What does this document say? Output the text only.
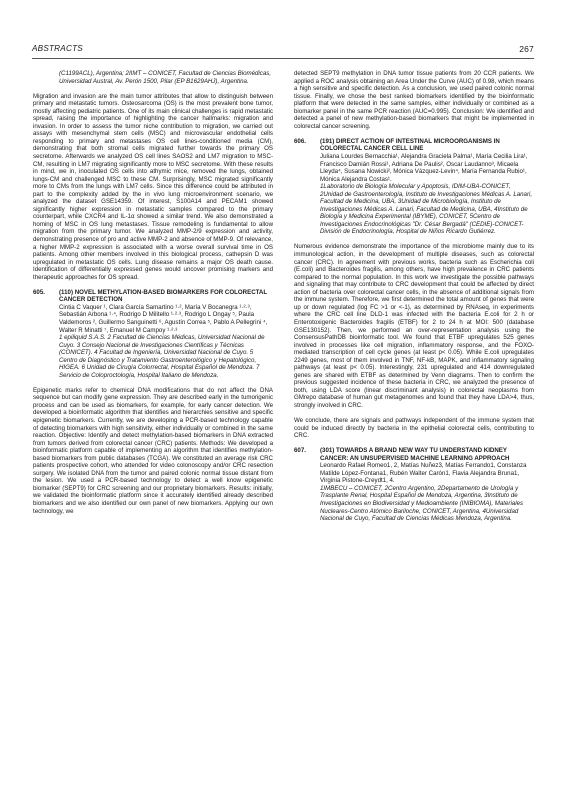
ABSTRACTS	267

(C1199ACL), Argentina; 2IIMT – CONICET, Facultad de Ciencias Biomédicas, Universidad Austral, Av. Perón 1500, Pilar (EP B1629AHJ), Argentina.

Migration and invasion are the main tumor attributes that allow to distinguish between primary and metastatic tumors. Osteosarcoma (OS) is the most prevalent bone tumor, mostly affecting pediatric patients. One of its main clinical challenges is rapid metastatic spread, raising the importance of highlighting the cancer hallmarks: migration and invasion. In order to assess the tumor niche contribution to migration, we carried out assays with mesenchymal stem cells (MSC) and microvascular endothelial cells responding to primary and metastases OS cell lines-conditioned media (CM), demonstrating that both stromal cells migrated further towards the primary OS secretome. Afterwards we analyzed OS cell lines SAOS2 and LM7 migration to MSC-CM, resulting in LM7 migrating significantly more to MSC secretome. With these results in mind, we in, inoculated OS cells into athymic mice, removed the lungs, obtained lungs-CM and challenged MSC to these CM. Surprisingly, MSC migrated significantly more to CMs from the lungs with LM7 cells. Since this difference could be attributed in part to the complexity added by the in vivo lung microenvironment scenario, we analyzed the dataset GSE14359. Of interest, S100A14 and PECAM1 showed significantly higher expression in metastatic samples compared to the primary counterpart, while CXCR4 and IL-1α showed a similar trend. We also demonstrated a homing of MSC in OS lung metastases. Tissue remodeling is fundamental to allow migration from the primary tumor. We analyzed MMP-2/9 expression and activity, demonstrating presence of pro and active MMP-2 and absence of MMP-9. Of relevance, a higher MMP-2 expression is associated with a worse overall survival time in OS patients. Among other members involved in this biological process, cathepsin D was upregulated in metastatic OS cells. Lung disease remains a major OS death cause. Identification of differentially expressed genes would uncover promising markers and therapeutic approaches for OS spread.

605.	(110) NOVEL METHYLATION-BASED BIOMARKERS FOR COLORECTAL CANCER DETECTION
Cintia C Vaquer ¹, Clara García Samartino ¹·², María V Bocanegra ¹·²·³, Sebastián Arbona ¹·⁴, Rodrigo D Militello ¹·²·³, Rodrigo L Ongay ⁵, Paula Valdemoros ², Guillermo Sanguinetti ⁶, Agustín Correa ⁵, Pablo A Pellegrini ⁴, Walter R Minatti ⁷, Emanuel M Campoy ¹·²·³
1 epiliquid S.A.S. 2 Facultad de Ciencias Médicas, Universidad Nacional de Cuyo. 3 Consejo Nacional de Investigaciones Científicas y Técnicas (CONICET). 4 Facultad de Ingeniería, Universidad Nacional de Cuyo. 5 Centro de Diagnóstico y Tratamiento Gastroenterológico y Hepatológico, HIGEA. 6 Unidad de Cirugía Colorrectal, Hospital Español de Mendoza. 7 Servicio de Coloproctología, Hospital Italiano de Mendoza.

Epigenetic marks refer to chemical DNA modifications that do not affect the DNA sequence but can modify gene expression. They are described early in the tumorigenic process and can be used as biomarkers, for example, for early cancer detection. We developed a bioinformatic algorithm that identifies and hierarchies sensitive and specific epigenetic biomarkers. Currently, we are developing a PCR-based technology capable of detecting biomarkers with high sensitivity, either individually or combined in the same reaction. Objective: Identify and detect methylation-based biomarkers in DNA extracted from tumors derived from colorectal cancer (CRC) patients. Methods: We developed a bioinformatic platform capable of implementing an algorithm that identifies methylation-based biomarkers from public databases (TCGA). We constituted an average risk CRC patients prospective cohort, who attended for video colonoscopy and/or CRC resection surgery. We isolated DNA from the tumor and paired colonic normal tissue distant from the lesion. We used a PCR-based technology to detect a well know epigenetic biomarker (SEPT9) for CRC screening and our proprietary biomarkers. Results: initially, we validated the bioinformatic platform since it accurately identified already described biomarkers and we also identified our own panel of new biomarkers. Applying our own technology, we

detected SEPT9 methylation in DNA tumor tissue patients from 20 CCR patients. We applied a ROC analysis obtaining an Area Under the Curve (AUC) of 0.98, which means a high sensitive and specific detection. As a conclusion, we used paired colonic normal tissue. Finally, we chose the best ranked biomarkers identified by the bioinformatic platform that were detected in the same samples, either individually or combined as a biomarker panel in the same PCR reaction (AUC=0.995). Conclusion: We identified and detected a panel of new methylation-based biomarkers that might be implemented in colorectal cancer screening.

606.	(191) DIRECT ACTION OF INTESTINAL MICROORGANISMS IN COLORECTAL CANCER CELL LINE
Juliana Lourdes Bernacchia¹, Alejandra Graciela Palma¹, María Cecilia Lira¹, Francisco Damián Rossi¹, Adriana De Paulis², Oscar Laudanno³, Micaela Lleyda⁴, Susana Nowicki², Mónica Vázquez-Levin⁴, María Fernanda Rubio¹, Mónica Alejandra Costas¹.
1Laboratorio de Biología Molecular y Apoptosis, IDIM-UBA-CONICET, 2Unidad de Gastroenterología, Instituto de Investigaciones Médicas A. Lanari, Facultad de Medicina, UBA, 3Unidad de Microbiología, Instituto de Investigaciones Médicas A. Lanari, Facultad de Medicina, UBA, 4Instituto de Biología y Medicina Experimental (IBYME), CONICET, 5Centro de Investigaciones Endocrinológicas "Dr. César Bergadá" (CEDIE)-CONICET-División de Endocrinología, Hospital de Niños Ricardo Gutiérrez.

Numerous evidence demonstrate the importance of the microbiome mainly due to its immunological action, in the development of multiple diseases, such as colorectal cancer (CRC). In agreement with previous works, bacteria such as Escherichia coli (E.coli) and Bacteroides fragilis, among others, have high prevalence in CRC patients compared to the normal population. In this work we investigate the possible pathways and signaling that may contribute to CRC development that could be affected by direct action of bacteria over colorectal cancer cells, in the absence of additional signals from the immune system. Therefore, we first determined the total amount of genes that were up or down regulated (log FC >1 or <-1), as determined by RNAseq, in experiments where the CRC cell line DLD-1 was infected with the bacteria E.coli for 2 h or Enterotoxigenic Bacteroides fragilis (ETBF) for 2 to 24 h at MOI: 500 (database GSE130152). Then, we performed an over-representation analysis using the ConsensusPathDB bioinformatic tool. We found that ETBF upregulates 525 genes involved in processes like cell migration, inflammatory response, and the FOXO-mediated transcription of cell cycle genes (at least p< 0.05). While E.coli upregulates 2249 genes, most of them involved in TNF, NF-kB, MAPK, and inflammatory signaling pathways (at least p< 0.05). Interestingly, 231 upregulated and 414 downregulated genes are shared with ETBF as determined by Venn diagrams. Then to confirm the previous suggested incidence of these bacteria in CRC, we analyzed the presence of both, using LDA score (linear discriminant analysis) in colorectal neoplasms from GMrepo database of human gut metagenomes and found that they have LDA>4, thus, strongly involved in CRC.

We conclude, there are signals and pathways independent of the immune system that could be induced directly by bacteria in the epithelial colorectal cells, contributing to CRC.

607.	(301) TOWARDS A BRAND NEW WAY TU UNDERSTAND KIDNEY CANCER: AN UNSUPERVISED MACHINE LEARNING APPROACH
Leonardo Rafael Romeo1, 2, Matías Nuñez3, Matías Ferrando1, Constanza Matilde López-Fontana1, Rubén Walter Carón1, Flavia Alejandra Bruna1, Virginia Pistone-Creydt1, 4.
1IMBECU – CONICET, 2Centro Argentino, 2Departamento de Urología y Trasplante Renal, Hospital Español de Mendoza, Argentina, 3Instituto de Investigaciones en Biodiversidad y Medioambiente (INIBIOMA), Materiales Nucleares-Centro Atómico Bariloche, CONICET, Argentina, 4Universidad Nacional de Cuyo, Facultad de Ciencias Médicas Mendoza, Argentina.
